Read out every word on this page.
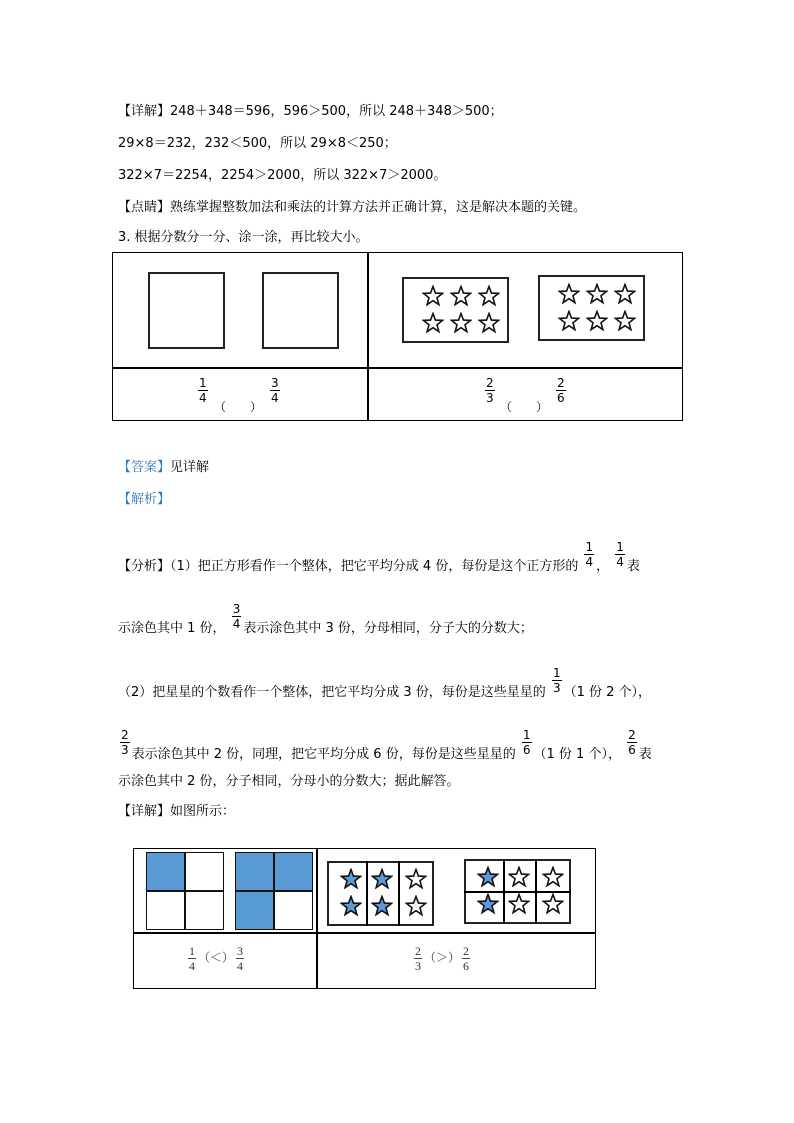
【详解】248＋348＝596，596＞500，所以 248＋348＞500；
29×8＝232，232＜500，所以 29×8＜250；
322×7＝2254，2254＞2000，所以 322×7＞2000。
【点睛】熟练掌握整数加法和乘法的计算方法并正确计算，这是解决本题的关键。
3. 根据分数分一分、涂一涂，再比较大小。
$\frac{1}{4}$
（ ）
$\frac{3}{4}$	$\frac{2}{3}$
（ ）
$\frac{2}{6}$
【答案】见详解
【解析】
【分析】（1）把正方形看作一个整体，把它平均分成 4 份，每份是这个正方形的 $\frac{1}{4}$ ， $\frac{1}{4}$ 表
示涂色其中 1 份， $\frac{3}{4}$ 表示涂色其中 3 份，分母相同，分子大的分数大；
（2）把星星的个数看作一个整体，把它平均分成 3 份，每份是这些星星的 $\frac{1}{3} (1$ 份 2 个），
$\frac{2}{3}$ 表示涂色其中 2 份，同理，把它平均分成 6 份，每份是这些星星的 $\frac{1}{6} (1$ 份 1 个）， $\frac{2}{6}$ 表
示涂色其中 2 份，分子相同，分母小的分数大；据此解答。
【详解】如图所示：
$\frac{1}{4}$ （＜） $\frac{3}{4}$	$\frac{2}{3}$ （＞） $\frac{2}{6}$
